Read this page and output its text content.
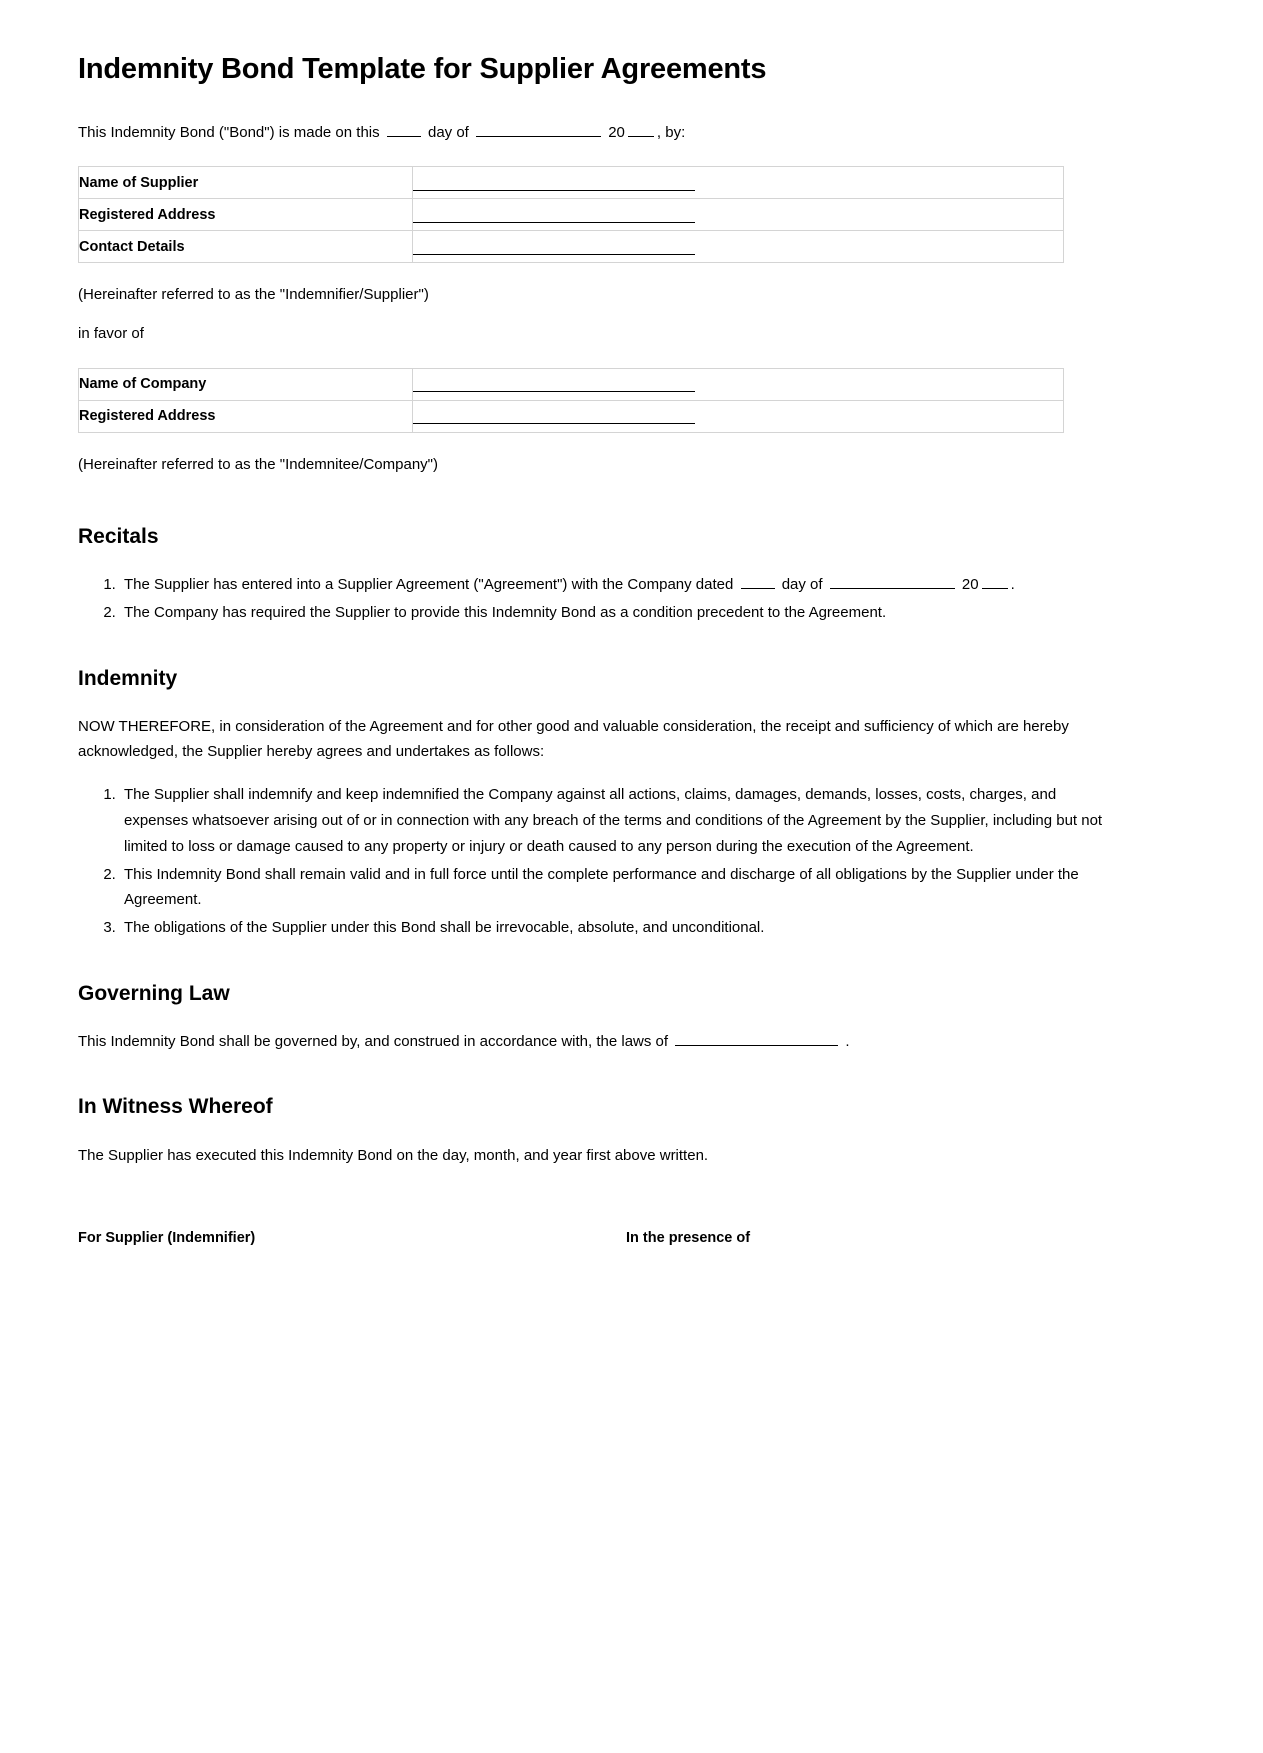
Indemnity Bond Template for Supplier Agreements

This Indemnity Bond ("Bond") is made on this	day of	20 , by:

Name of Supplier	

Registered Address	

Contact Details	

(Hereinafter referred to as the "Indemnifier/Supplier")

in favor of

Name of Company	

Registered Address	

(Hereinafter referred to as the "Indemnitee/Company")

Recitals
1. The Supplier has entered into a Supplier Agreement ("Agreement") with the Company dated	day of	20 .
2. The Company has required the Supplier to provide this Indemnity Bond as a condition precedent to the Agreement.
Indemnity

NOW THEREFORE, in consideration of the Agreement and for other good and valuable consideration, the receipt and sufficiency of which are hereby acknowledged, the Supplier hereby agrees and undertakes as follows:

1. The Supplier shall indemnify and keep indemnified the Company against all actions, claims, damages, demands, losses, costs, charges, and expenses whatsoever arising out of or in connection with any breach of the terms and conditions of the Agreement by the Supplier, including but not limited to loss or damage caused to any property or injury or death caused to any person during the execution of the Agreement.
2. This Indemnity Bond shall remain valid and in full force until the complete performance and discharge of all obligations by the Supplier under the Agreement.
3. The obligations of the Supplier under this Bond shall be irrevocable, absolute, and unconditional.
Governing Law

This Indemnity Bond shall be governed by, and construed in accordance with, the laws of	.

In Witness Whereof

The Supplier has executed this Indemnity Bond on the day, month, and year first above written.

For Supplier (Indemnifier)	In the presence of
